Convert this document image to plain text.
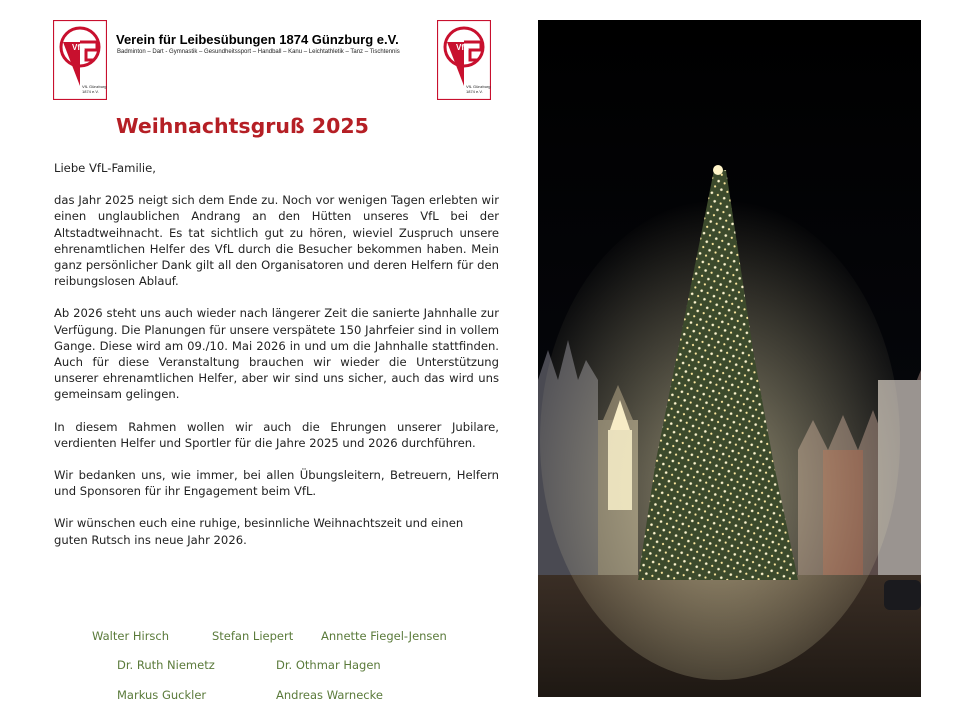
VfL
VfL Günzburg
1874 e.V.
Verein für Leibesübungen 1874 Günzburg e.V.
Badminton – Dart - Gymnastik – Gesundheitssport – Handball – Kanu – Leichtathletik – Tanz – Tischtennis	VfL
VfL Günzburg
1874 e.V.
Weihnachtsgruß 2025

Liebe VfL-Familie,

das Jahr 2025 neigt sich dem Ende zu. Noch vor wenigen Tagen erlebten wir einen unglaublichen Andrang an den Hütten unseres VfL bei der Altstadtweihnacht. Es tat sichtlich gut zu hören, wieviel Zuspruch unsere ehrenamtlichen Helfer des VfL durch die Besucher bekommen haben. Mein ganz persönlicher Dank gilt all den Organisatoren und deren Helfern für den reibungslosen Ablauf.

Ab 2026 steht uns auch wieder nach längerer Zeit die sanierte Jahnhalle zur Verfügung. Die Planungen für unsere verspätete 150 Jahrfeier sind in vollem Gange. Diese wird am 09./10. Mai 2026 in und um die Jahnhalle stattfinden. Auch für diese Veranstaltung brauchen wir wieder die Unterstützung unserer ehrenamtlichen Helfer, aber wir sind uns sicher, auch das wird uns gemeinsam gelingen.

In diesem Rahmen wollen wir auch die Ehrungen unserer Jubilare, verdienten Helfer und Sportler für die Jahre 2025 und 2026 durchführen.

Wir bedanken uns, wie immer, bei allen Übungsleitern, Betreuern, Helfern und Sponsoren für ihr Engagement beim VfL.

Wir wünschen euch eine ruhige, besinnliche Weihnachtszeit und einen guten Rutsch ins neue Jahr 2026.

Walter Hirsch	Stefan Liepert Annette Fiegel-Jensen
Dr. Ruth Niemetz	Dr. Othmar Hagen
Markus Guckler	Andreas Warnecke
